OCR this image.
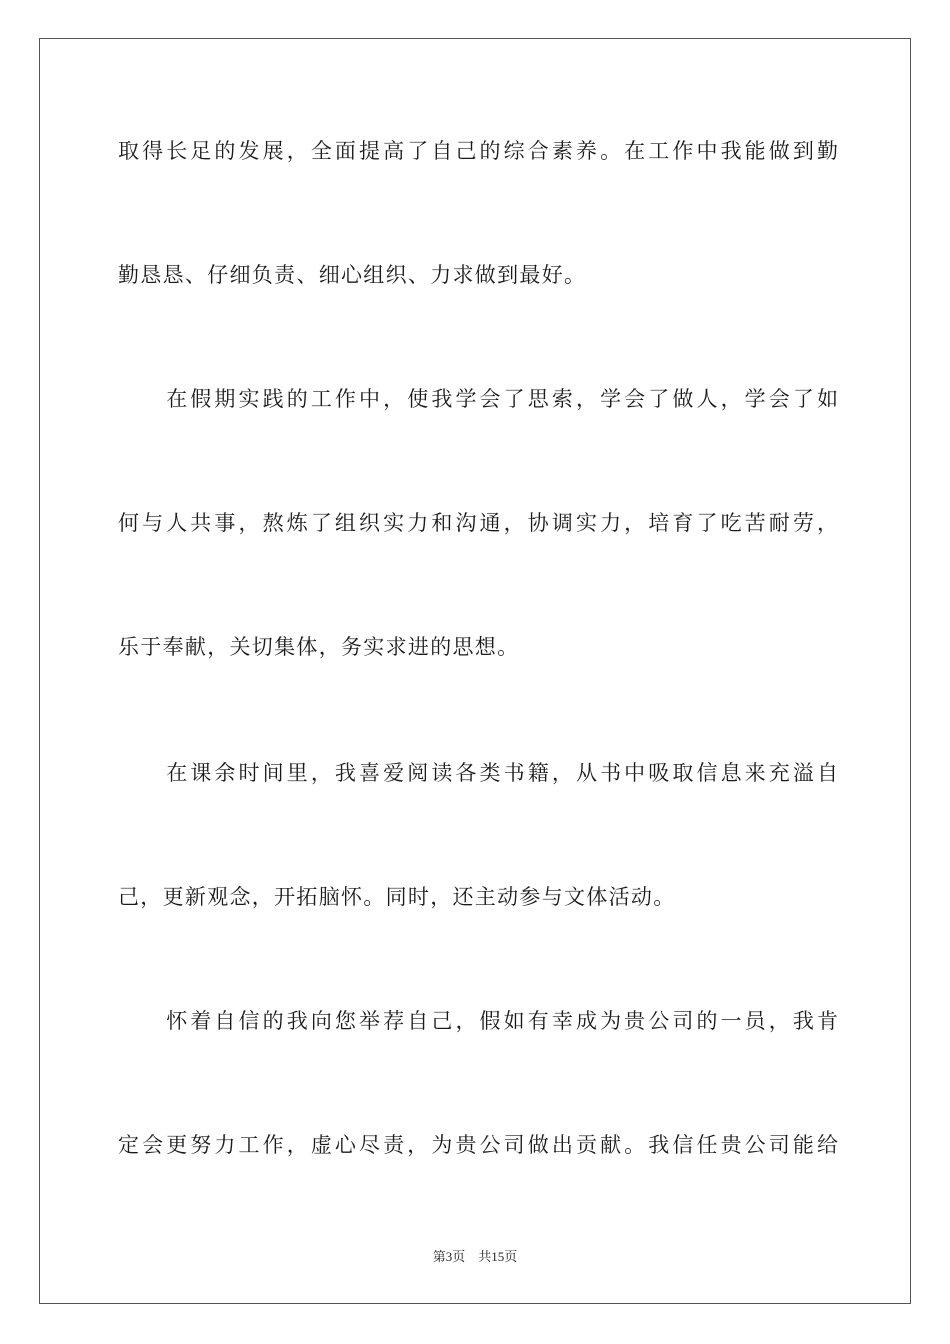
取得长足的发展，全面提高了自己的综合素养。在工作中我能做到勤
勤恳恳、仔细负责、细心组织、力求做到最好。
　　在假期实践的工作中，使我学会了思索，学会了做人，学会了如
何与人共事，熬炼了组织实力和沟通，协调实力，培育了吃苦耐劳，
乐于奉献，关切集体，务实求进的思想。
　　在课余时间里，我喜爱阅读各类书籍，从书中吸取信息来充溢自
己，更新观念，开拓脑怀。同时，还主动参与文体活动。
　　怀着自信的我向您举荐自己，假如有幸成为贵公司的一员，我肯
定会更努力工作，虚心尽责，为贵公司做出贡献。我信任贵公司能给
第3页 共15页
